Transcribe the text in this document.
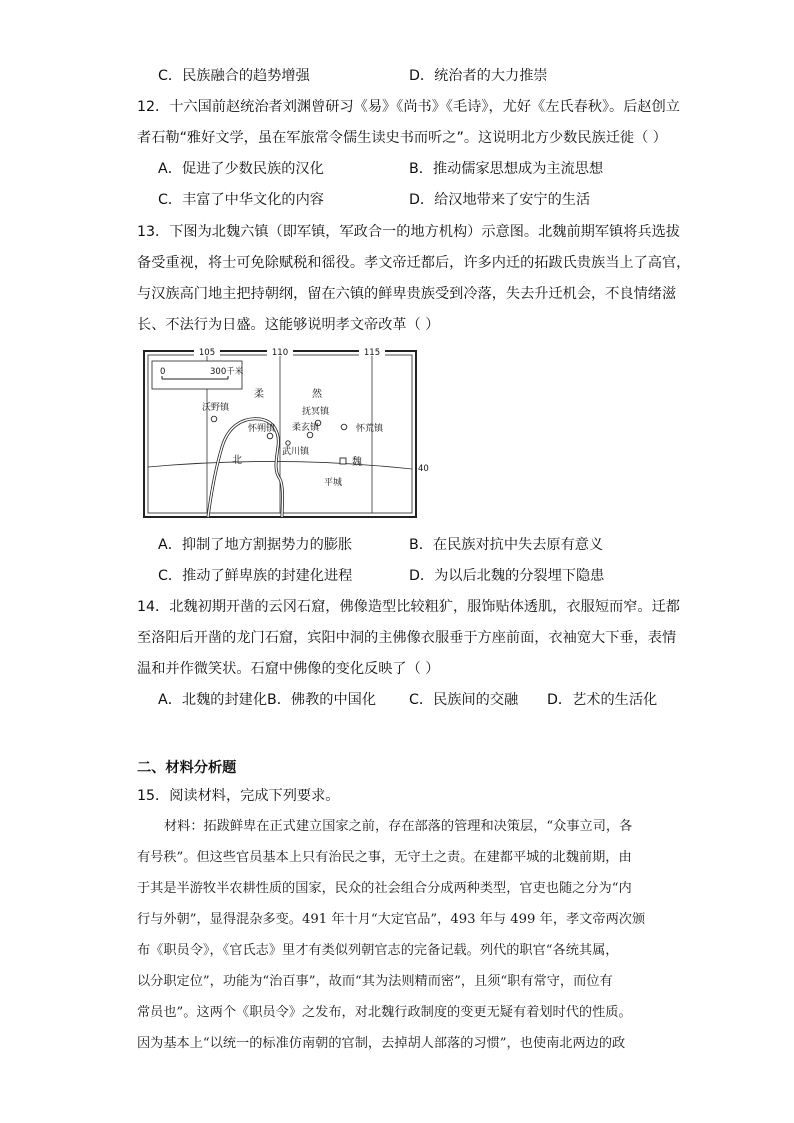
C．民族融合的趋势增强	D．统治者的大力推崇
12．十六国前赵统治者刘渊曾研习《易》《尚书》《毛诗》，尤好《左氏春秋》。后赵创立
者石勒“雅好文学，虽在军旅常令儒生读史书而听之”。这说明北方少数民族迁徙（ ）
A．促进了少数民族的汉化	B．推动儒家思想成为主流思想
C．丰富了中华文化的内容	D．给汉地带来了安宁的生活
13．下图为北魏六镇（即军镇，军政合一的地方机构）示意图。北魏前期军镇将兵选拔
备受重视，将士可免除赋税和徭役。孝文帝迁都后，许多内迁的拓跋氏贵族当上了高官，
与汉族高门地主把持朝纲，留在六镇的鲜卑贵族受到冷落，失去升迁机会，不良情绪滋
长、不法行为日盛。这能够说明孝文帝改革（ ）
105	110	115
40
0	300千米
柔	然
沃野镇	抚冥镇
怀朔镇 柔玄镇	怀荒镇
武川镇
北	魏
平城
A．抑制了地方割据势力的膨胀	B．在民族对抗中失去原有意义
C．推动了鲜卑族的封建化进程	D．为以后北魏的分裂埋下隐患
14．北魏初期开凿的云冈石窟，佛像造型比较粗犷，服饰贴体透肌，衣服短而窄。迁都
至洛阳后开凿的龙门石窟，宾阳中洞的主佛像衣服垂于方座前面，衣袖宽大下垂，表情
温和并作微笑状。石窟中佛像的变化反映了（ ）
A．北魏的封建化 B．佛教的中国化 C．民族间的交融 D．艺术的生活化
二、材料分析题
15．阅读材料，完成下列要求。
材料：拓跋鲜卑在正式建立国家之前，存在部落的管理和决策层，“众事立司，各
有号秩”。但这些官员基本上只有治民之事，无守土之责。在建都平城的北魏前期，由
于其是半游牧半农耕性质的国家，民众的社会组合分成两种类型，官吏也随之分为“内
行与外朝”，显得混杂多变。491 年十月“大定官品”，493 年与 499 年，孝文帝两次颁
布《职员令》，《官氏志》里才有类似列朝官志的完备记载。列代的职官“各统其属，
以分职定位”，功能为“治百事”，故而“其为法则精而密”，且须“职有常守，而位有
常员也”。这两个《职员令》之发布，对北魏行政制度的变更无疑有着划时代的性质。
因为基本上“以统一的标准仿南朝的官制，去掉胡人部落的习惯”，也使南北两边的政
